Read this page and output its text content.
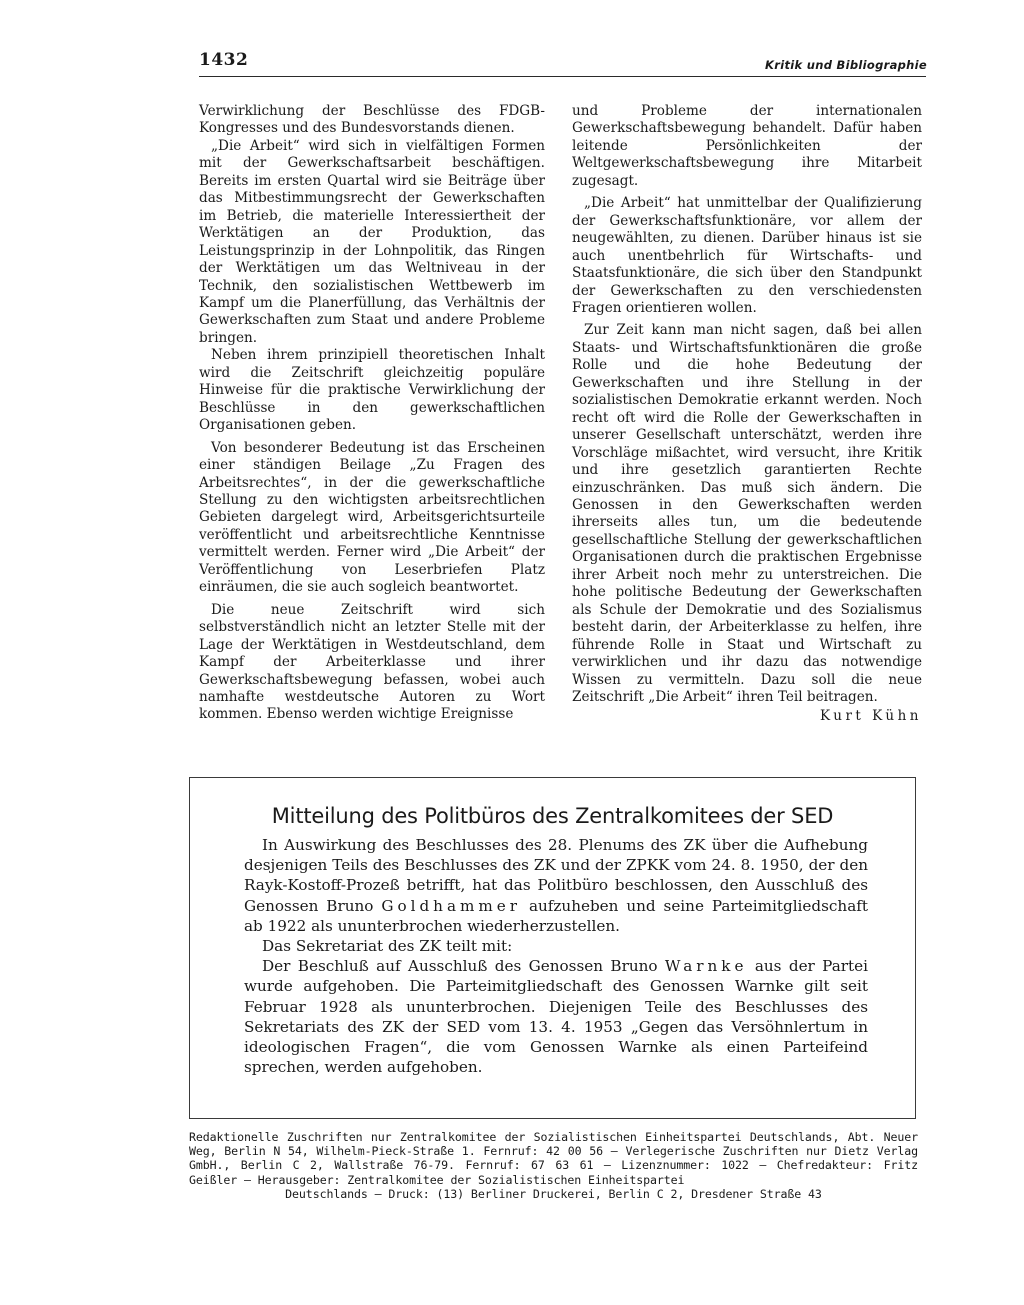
1432	Kritik und Bibliographie

Verwirklichung der Beschlüsse des FDGB-Kongresses und des Bundesvorstands dienen.

„Die Arbeit“ wird sich in vielfältigen Formen mit der Gewerkschaftsarbeit beschäftigen. Bereits im ersten Quartal wird sie Beiträge über das Mitbestimmungsrecht der Gewerkschaften im Betrieb, die materielle Interessiertheit der Werktätigen an der Produktion, das Leistungsprinzip in der Lohnpolitik, das Ringen der Werktätigen um das Weltniveau in der Technik, den sozialistischen Wettbewerb im Kampf um die Planerfüllung, das Verhältnis der Gewerkschaften zum Staat und andere Probleme bringen.

Neben ihrem prinzipiell theoretischen Inhalt wird die Zeitschrift gleichzeitig populäre Hinweise für die praktische Verwirklichung der Beschlüsse in den gewerkschaftlichen Organisationen geben.

Von besonderer Bedeutung ist das Erscheinen einer ständigen Beilage „Zu Fragen des Arbeitsrechtes“, in der die gewerkschaftliche Stellung zu den wichtigsten arbeitsrechtlichen Gebieten dargelegt wird, Arbeitsgerichtsurteile veröffentlicht und arbeitsrechtliche Kenntnisse vermittelt werden. Ferner wird „Die Arbeit“ der Veröffentlichung von Leserbriefen Platz einräumen, die sie auch sogleich beantwortet.

Die neue Zeitschrift wird sich selbstverständlich nicht an letzter Stelle mit der Lage der Werktätigen in Westdeutschland, dem Kampf der Arbeiterklasse und ihrer Gewerkschaftsbewegung befassen, wobei auch namhafte westdeutsche Autoren zu Wort kommen. Ebenso werden wichtige Ereignisse

und Probleme der internationalen Gewerkschaftsbewegung behandelt. Dafür haben leitende Persönlichkeiten der Weltgewerkschaftsbewegung ihre Mitarbeit zugesagt.

„Die Arbeit“ hat unmittelbar der Qualifizierung der Gewerkschaftsfunktionäre, vor allem der neugewählten, zu dienen. Darüber hinaus ist sie auch unentbehrlich für Wirtschafts- und Staatsfunktionäre, die sich über den Standpunkt der Gewerkschaften zu den verschiedensten Fragen orientieren wollen.

Zur Zeit kann man nicht sagen, daß bei allen Staats- und Wirtschaftsfunktionären die große Rolle und die hohe Bedeutung der Gewerkschaften und ihre Stellung in der sozialistischen Demokratie erkannt werden. Noch recht oft wird die Rolle der Gewerkschaften in unserer Gesellschaft unterschätzt, werden ihre Vorschläge mißachtet, wird versucht, ihre Kritik und ihre gesetzlich garantierten Rechte einzuschränken. Das muß sich ändern. Die Genossen in den Gewerkschaften werden ihrerseits alles tun, um die bedeutende gesellschaftliche Stellung der gewerkschaftlichen Organisationen durch die praktischen Ergebnisse ihrer Arbeit noch mehr zu unterstreichen. Die hohe politische Bedeutung der Gewerkschaften als Schule der Demokratie und des Sozialismus besteht darin, der Arbeiterklasse zu helfen, ihre führende Rolle in Staat und Wirtschaft zu verwirklichen und ihr dazu das notwendige Wissen zu vermitteln. Dazu soll die neue Zeitschrift „Die Arbeit“ ihren Teil beitragen.

Kurt Kühn
Mitteilung des Politbüros des Zentralkomitees der SED

In Auswirkung des Beschlusses des 28. Plenums des ZK über die Aufhebung desjenigen Teils des Beschlusses des ZK und der ZPKK vom 24. 8. 1950, der den Rayk-Kostoff-Prozeß betrifft, hat das Politbüro beschlossen, den Ausschluß des Genossen Bruno Goldhammer aufzuheben und seine Parteimitgliedschaft ab 1922 als ununterbrochen wiederherzustellen.

Das Sekretariat des ZK teilt mit:

Der Beschluß auf Ausschluß des Genossen Bruno Warnke aus der Partei wurde aufgehoben. Die Parteimitgliedschaft des Genossen Warnke gilt seit Februar 1928 als ununterbrochen. Diejenigen Teile des Beschlusses des Sekretariats des ZK der SED vom 13. 4. 1953 „Gegen das Versöhnlertum in ideologischen Fragen“, die vom Genossen Warnke als einen Parteifeind sprechen, werden aufgehoben.

Redaktionelle Zuschriften nur Zentralkomitee der Sozialistischen Einheitspartei Deutschlands, Abt. Neuer Weg, Berlin N 54, Wilhelm-Pieck-Straße 1. Fernruf: 42 00 56 — Verlegerische Zuschriften nur Dietz Verlag GmbH., Berlin C 2, Wallstraße 76-79. Fernruf: 67 63 61 — Lizenznummer: 1022 — Chefredakteur: Fritz Geißler — Herausgeber: Zentralkomitee der Sozialistischen Einheitspartei
Deutschlands — Druck: (13) Berliner Druckerei, Berlin C 2, Dresdener Straße 43
